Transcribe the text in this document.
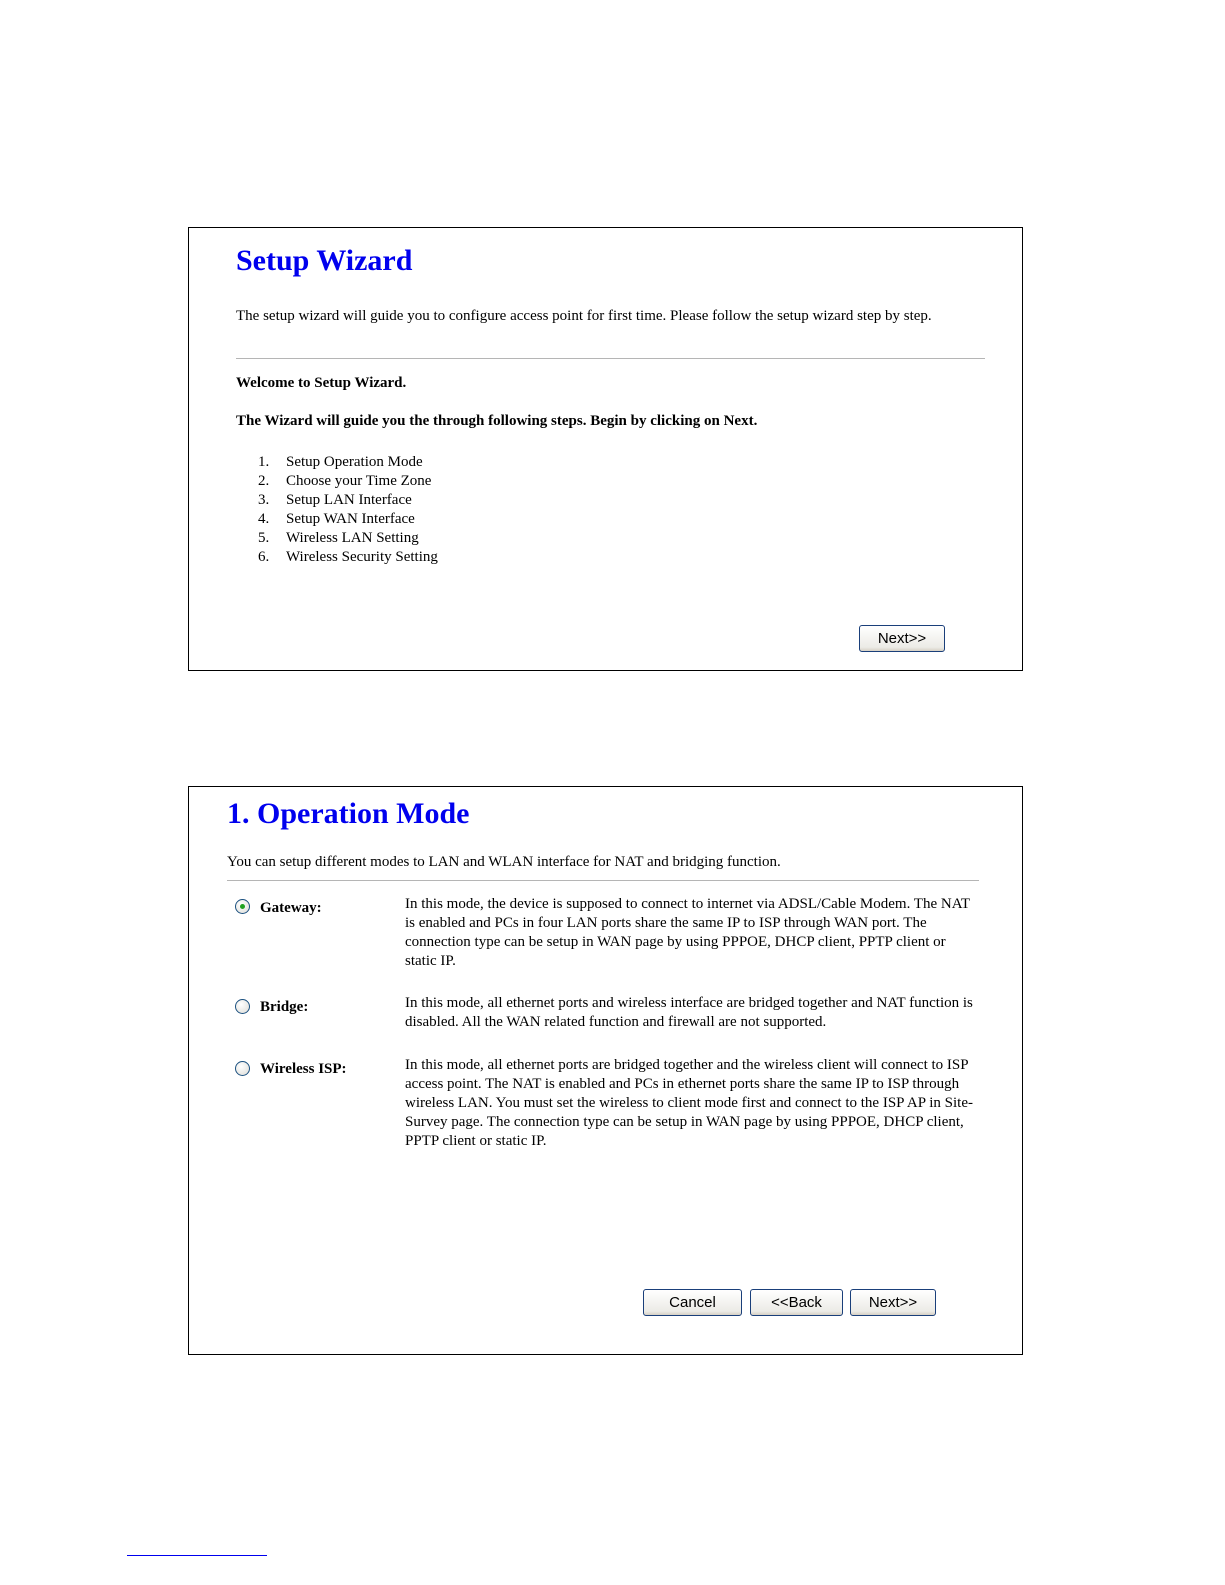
Setup Wizard
The setup wizard will guide you to configure access point for first time. Please follow the setup wizard step by step.
Welcome to Setup Wizard.
The Wizard will guide you the through following steps. Begin by clicking on Next.
1.	Setup Operation Mode
2.	Choose your Time Zone
3.	Setup LAN Interface
4.	Setup WAN Interface
5.	Wireless LAN Setting
6.	Wireless Security Setting
Next>>
1. Operation Mode
You can setup different modes to LAN and WLAN interface for NAT and bridging function.
Gateway:	In this mode, the device is supposed to connect to internet via ADSL/Cable Modem. The NAT is enabled and PCs in four LAN ports share the same IP to ISP through WAN port. The connection type can be setup in WAN page by using PPPOE, DHCP client, PPTP client or static IP.
Bridge:	In this mode, all ethernet ports and wireless interface are bridged together and NAT function is disabled. All the WAN related function and firewall are not supported.
Wireless ISP:	In this mode, all ethernet ports are bridged together and the wireless client will connect to ISP access point. The NAT is enabled and PCs in ethernet ports share the same IP to ISP through wireless LAN. You must set the wireless to client mode first and connect to the ISP AP in Site-Survey page. The connection type can be setup in WAN page by using PPPOE, DHCP client, PPTP client or static IP.
Cancel	<<Back	Next>>
